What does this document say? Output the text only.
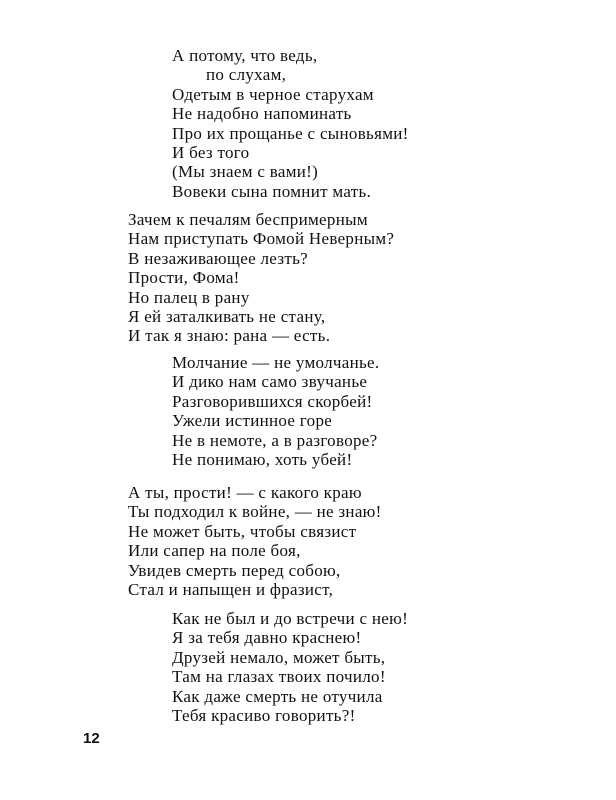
А потому, что ведь,
по слухам,
Одетым в черное старухам
Не надобно напоминать
Про их прощанье с сыновьями!
И без того
(Мы знаем с вами!)
Вовеки сына помнит мать.
Зачем к печалям беспримерным
Нам приступать Фомой Неверным?
В незаживающее лезть?
Прости, Фома!
Но палец в рану
Я ей заталкивать не стану,
И так я знаю: рана — есть.
Молчание — не умолчанье.
И дико нам само звучанье
Разговорившихся скорбей!
Ужели истинное горе
Не в немоте, а в разговоре?
Не понимаю, хоть убей!
А ты, прости! — с какого краю
Ты подходил к войне, — не знаю!
Не может быть, чтобы связист
Или сапер на поле боя,
Увидев смерть перед собою,
Стал и напыщен и фразист,
Как не был и до встречи с нею!
Я за тебя давно краснею!
Друзей немало, может быть,
Там на глазах твоих почило!
Как даже смерть не отучила
Тебя красиво говорить?!
12
